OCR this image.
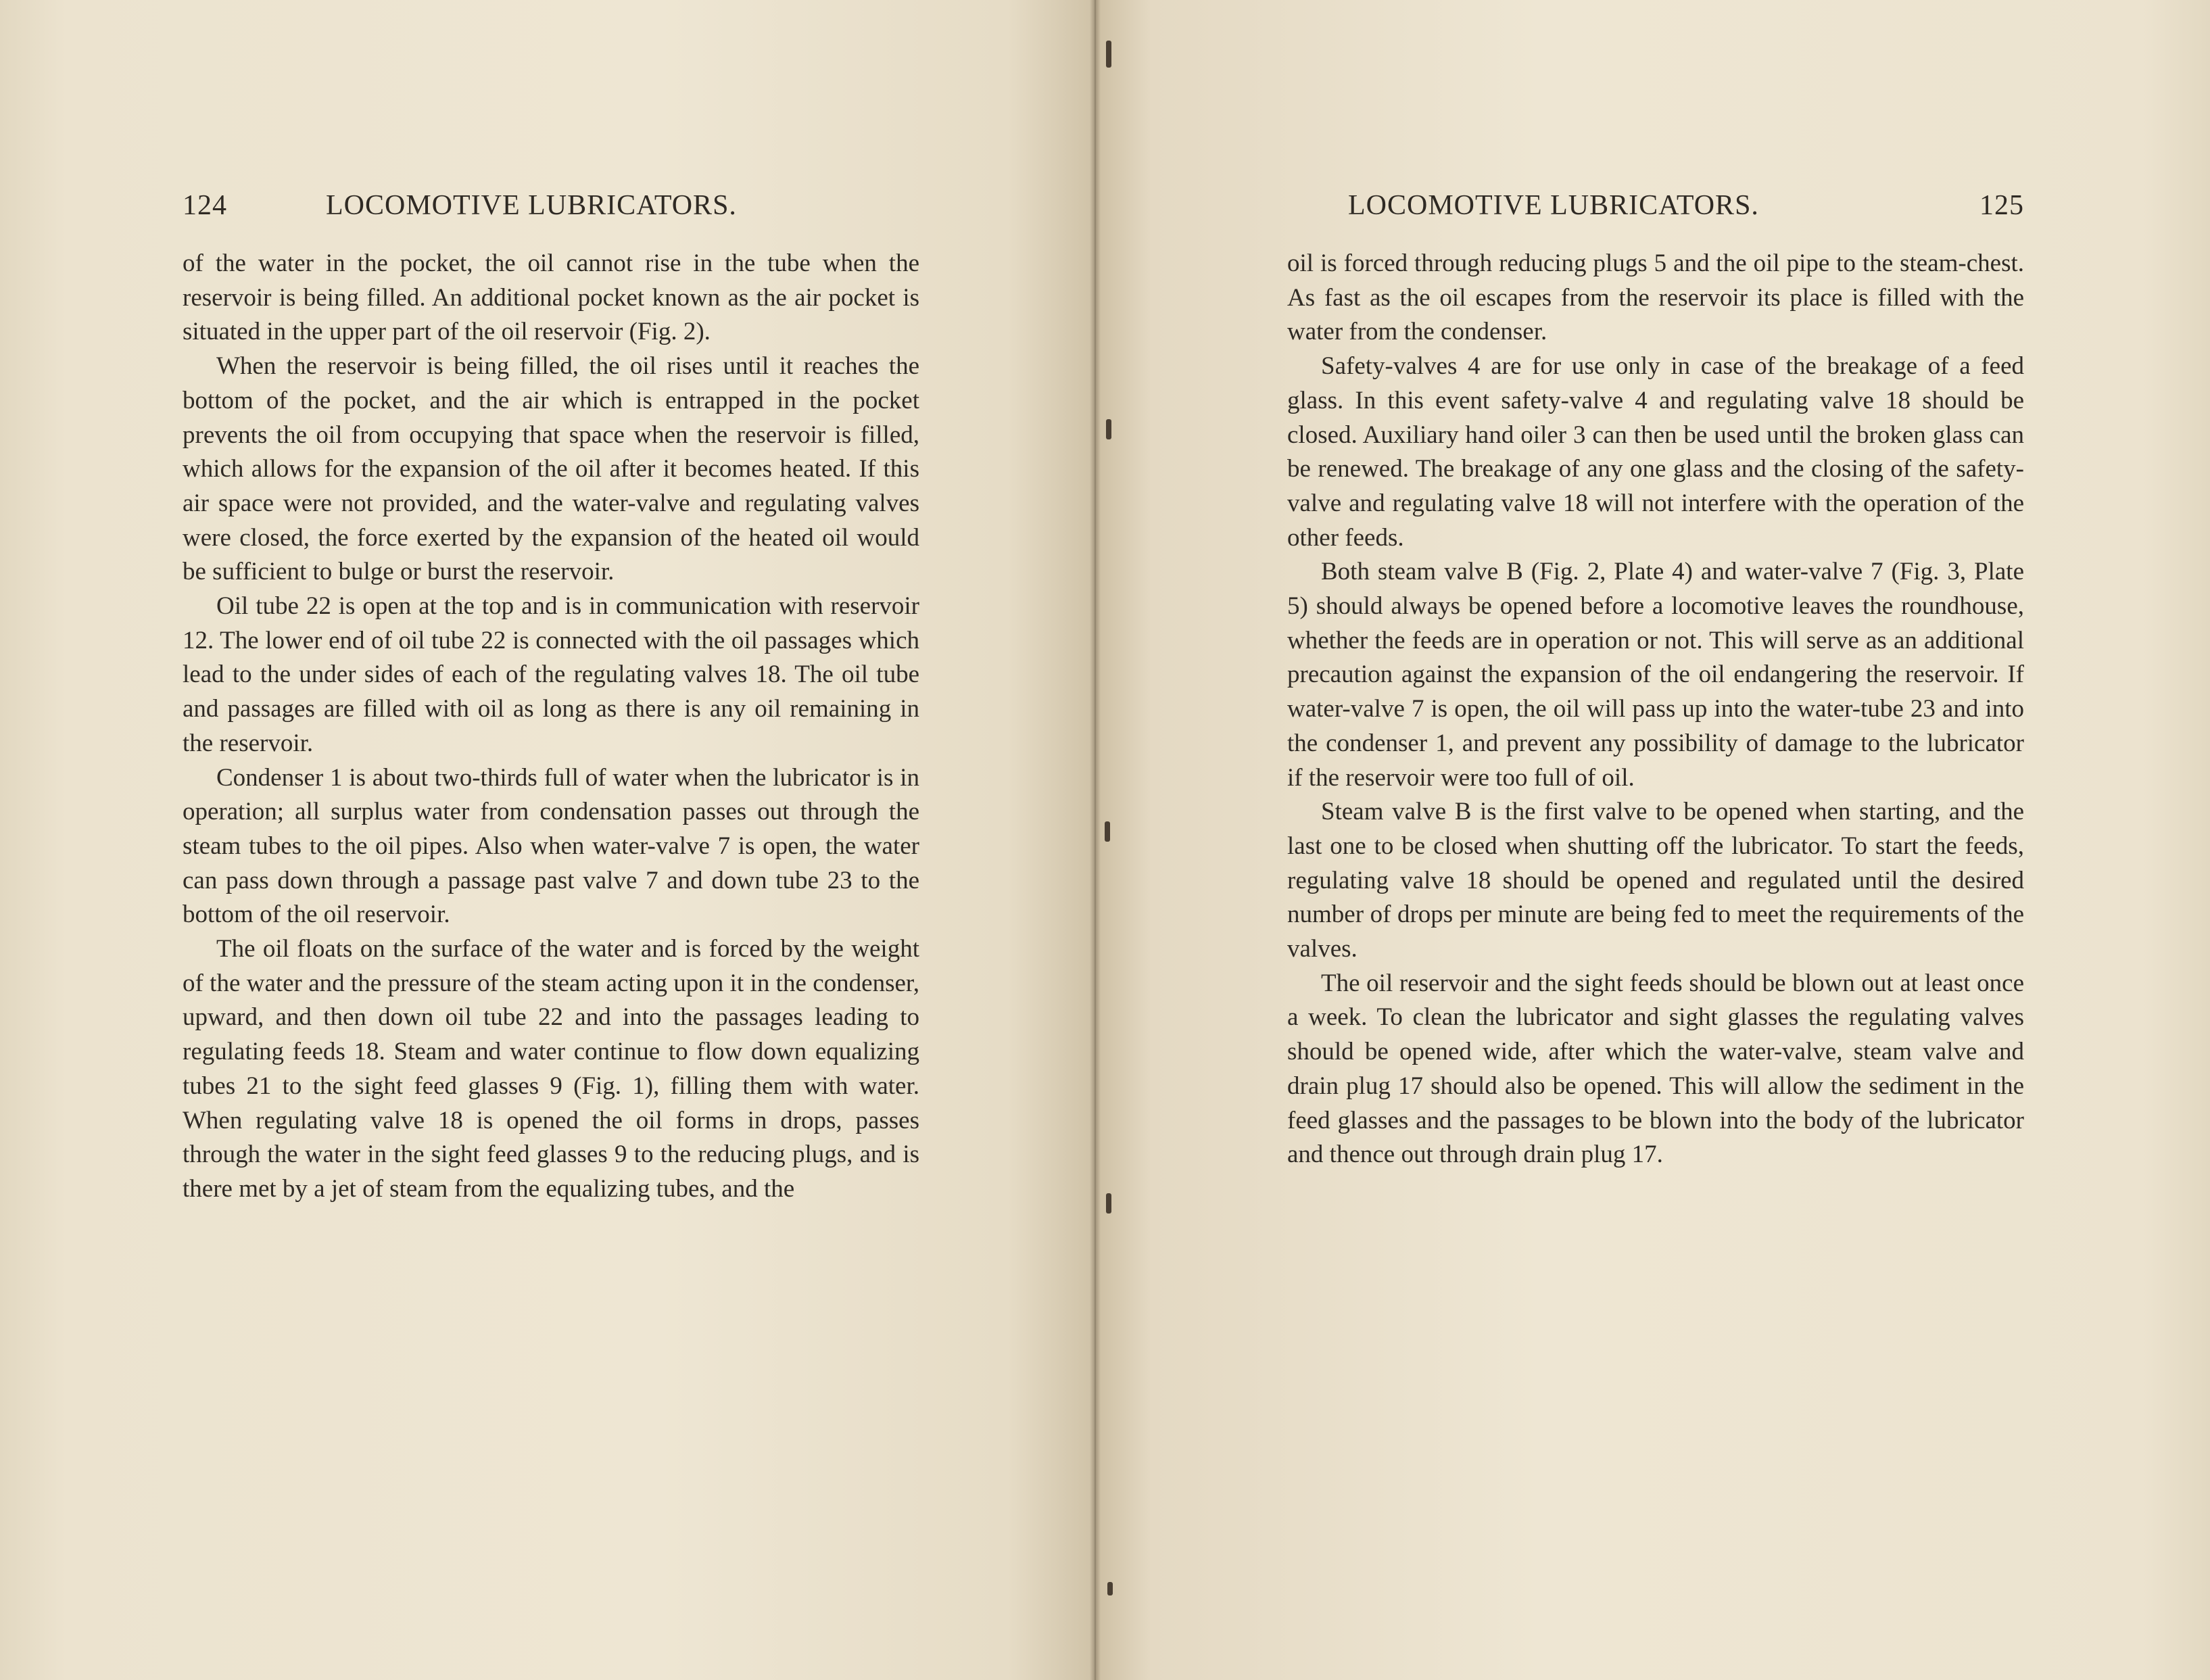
124	LOCOMOTIVE LUBRICATORS.

of the water in the pocket, the oil cannot rise in the tube when the reservoir is being filled. An additional pocket known as the air pocket is situated in the upper part of the oil reservoir (Fig. 2).

When the reservoir is being filled, the oil rises until it reaches the bottom of the pocket, and the air which is entrapped in the pocket prevents the oil from occupying that space when the reservoir is filled, which allows for the expansion of the oil after it becomes heated. If this air space were not provided, and the water-valve and regulating valves were closed, the force exerted by the expansion of the heated oil would be sufficient to bulge or burst the reservoir.

Oil tube 22 is open at the top and is in communication with reservoir 12. The lower end of oil tube 22 is connected with the oil passages which lead to the under sides of each of the regulating valves 18. The oil tube and passages are filled with oil as long as there is any oil remaining in the reservoir.

Condenser 1 is about two-thirds full of water when the lubricator is in operation; all surplus water from condensation passes out through the steam tubes to the oil pipes. Also when water-valve 7 is open, the water can pass down through a passage past valve 7 and down tube 23 to the bottom of the oil reservoir.

The oil floats on the surface of the water and is forced by the weight of the water and the pressure of the steam acting upon it in the condenser, upward, and then down oil tube 22 and into the passages leading to regulating feeds 18. Steam and water continue to flow down equalizing tubes 21 to the sight feed glasses 9 (Fig. 1), filling them with water. When regulating valve 18 is opened the oil forms in drops, passes through the water in the sight feed glasses 9 to the reducing plugs, and is there met by a jet of steam from the equalizing tubes, and the

LOCOMOTIVE LUBRICATORS.	125

oil is forced through reducing plugs 5 and the oil pipe to the steam-chest. As fast as the oil escapes from the reservoir its place is filled with the water from the condenser.

Safety-valves 4 are for use only in case of the breakage of a feed glass. In this event safety-valve 4 and regulating valve 18 should be closed. Auxiliary hand oiler 3 can then be used until the broken glass can be renewed. The breakage of any one glass and the closing of the safety-valve and regulating valve 18 will not interfere with the operation of the other feeds.

Both steam valve B (Fig. 2, Plate 4) and water-valve 7 (Fig. 3, Plate 5) should always be opened before a locomotive leaves the roundhouse, whether the feeds are in operation or not. This will serve as an additional precaution against the expansion of the oil endangering the reservoir. If water-valve 7 is open, the oil will pass up into the water-tube 23 and into the condenser 1, and prevent any possibility of damage to the lubricator if the reservoir were too full of oil.

Steam valve B is the first valve to be opened when starting, and the last one to be closed when shutting off the lubricator. To start the feeds, regulating valve 18 should be opened and regulated until the desired number of drops per minute are being fed to meet the requirements of the valves.

The oil reservoir and the sight feeds should be blown out at least once a week. To clean the lubricator and sight glasses the regulating valves should be opened wide, after which the water-valve, steam valve and drain plug 17 should also be opened. This will allow the sediment in the feed glasses and the passages to be blown into the body of the lubricator and thence out through drain plug 17.
